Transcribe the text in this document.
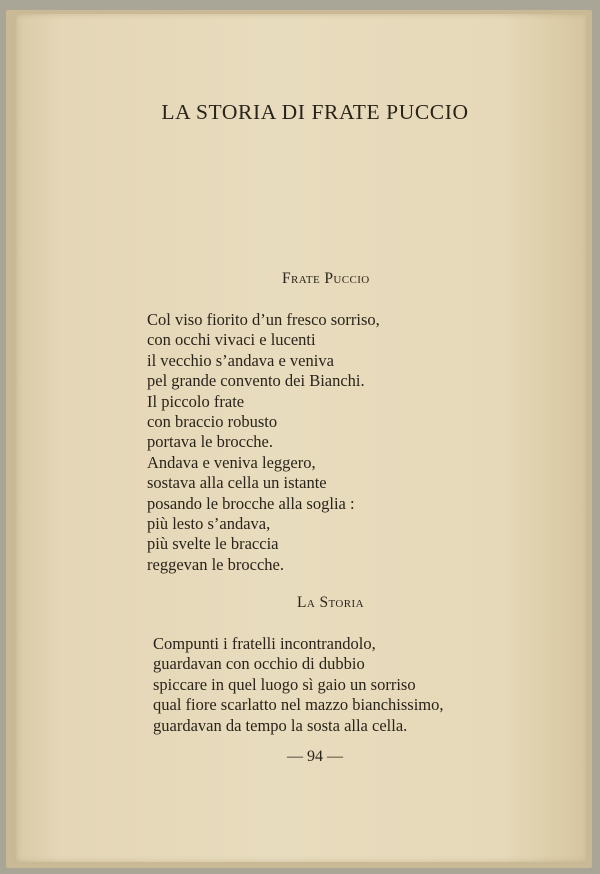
LA STORIA DI FRATE PUCCIO
Frate Puccio
Col viso fiorito d’un fresco sorriso,
con occhi vivaci e lucenti
il vecchio s’andava e veniva
pel grande convento dei Bianchi.
Il piccolo frate
con braccio robusto
portava le brocche.
Andava e veniva leggero,
sostava alla cella un istante
posando le brocche alla soglia :
più lesto s’andava,
più svelte le braccia
reggevan le brocche.
La Storia
Compunti i fratelli incontrandolo,
guardavan con occhio di dubbio
spiccare in quel luogo sì gaio un sorriso
qual fiore scarlatto nel mazzo bianchissimo,
guardavan da tempo la sosta alla cella.
— 94 —
